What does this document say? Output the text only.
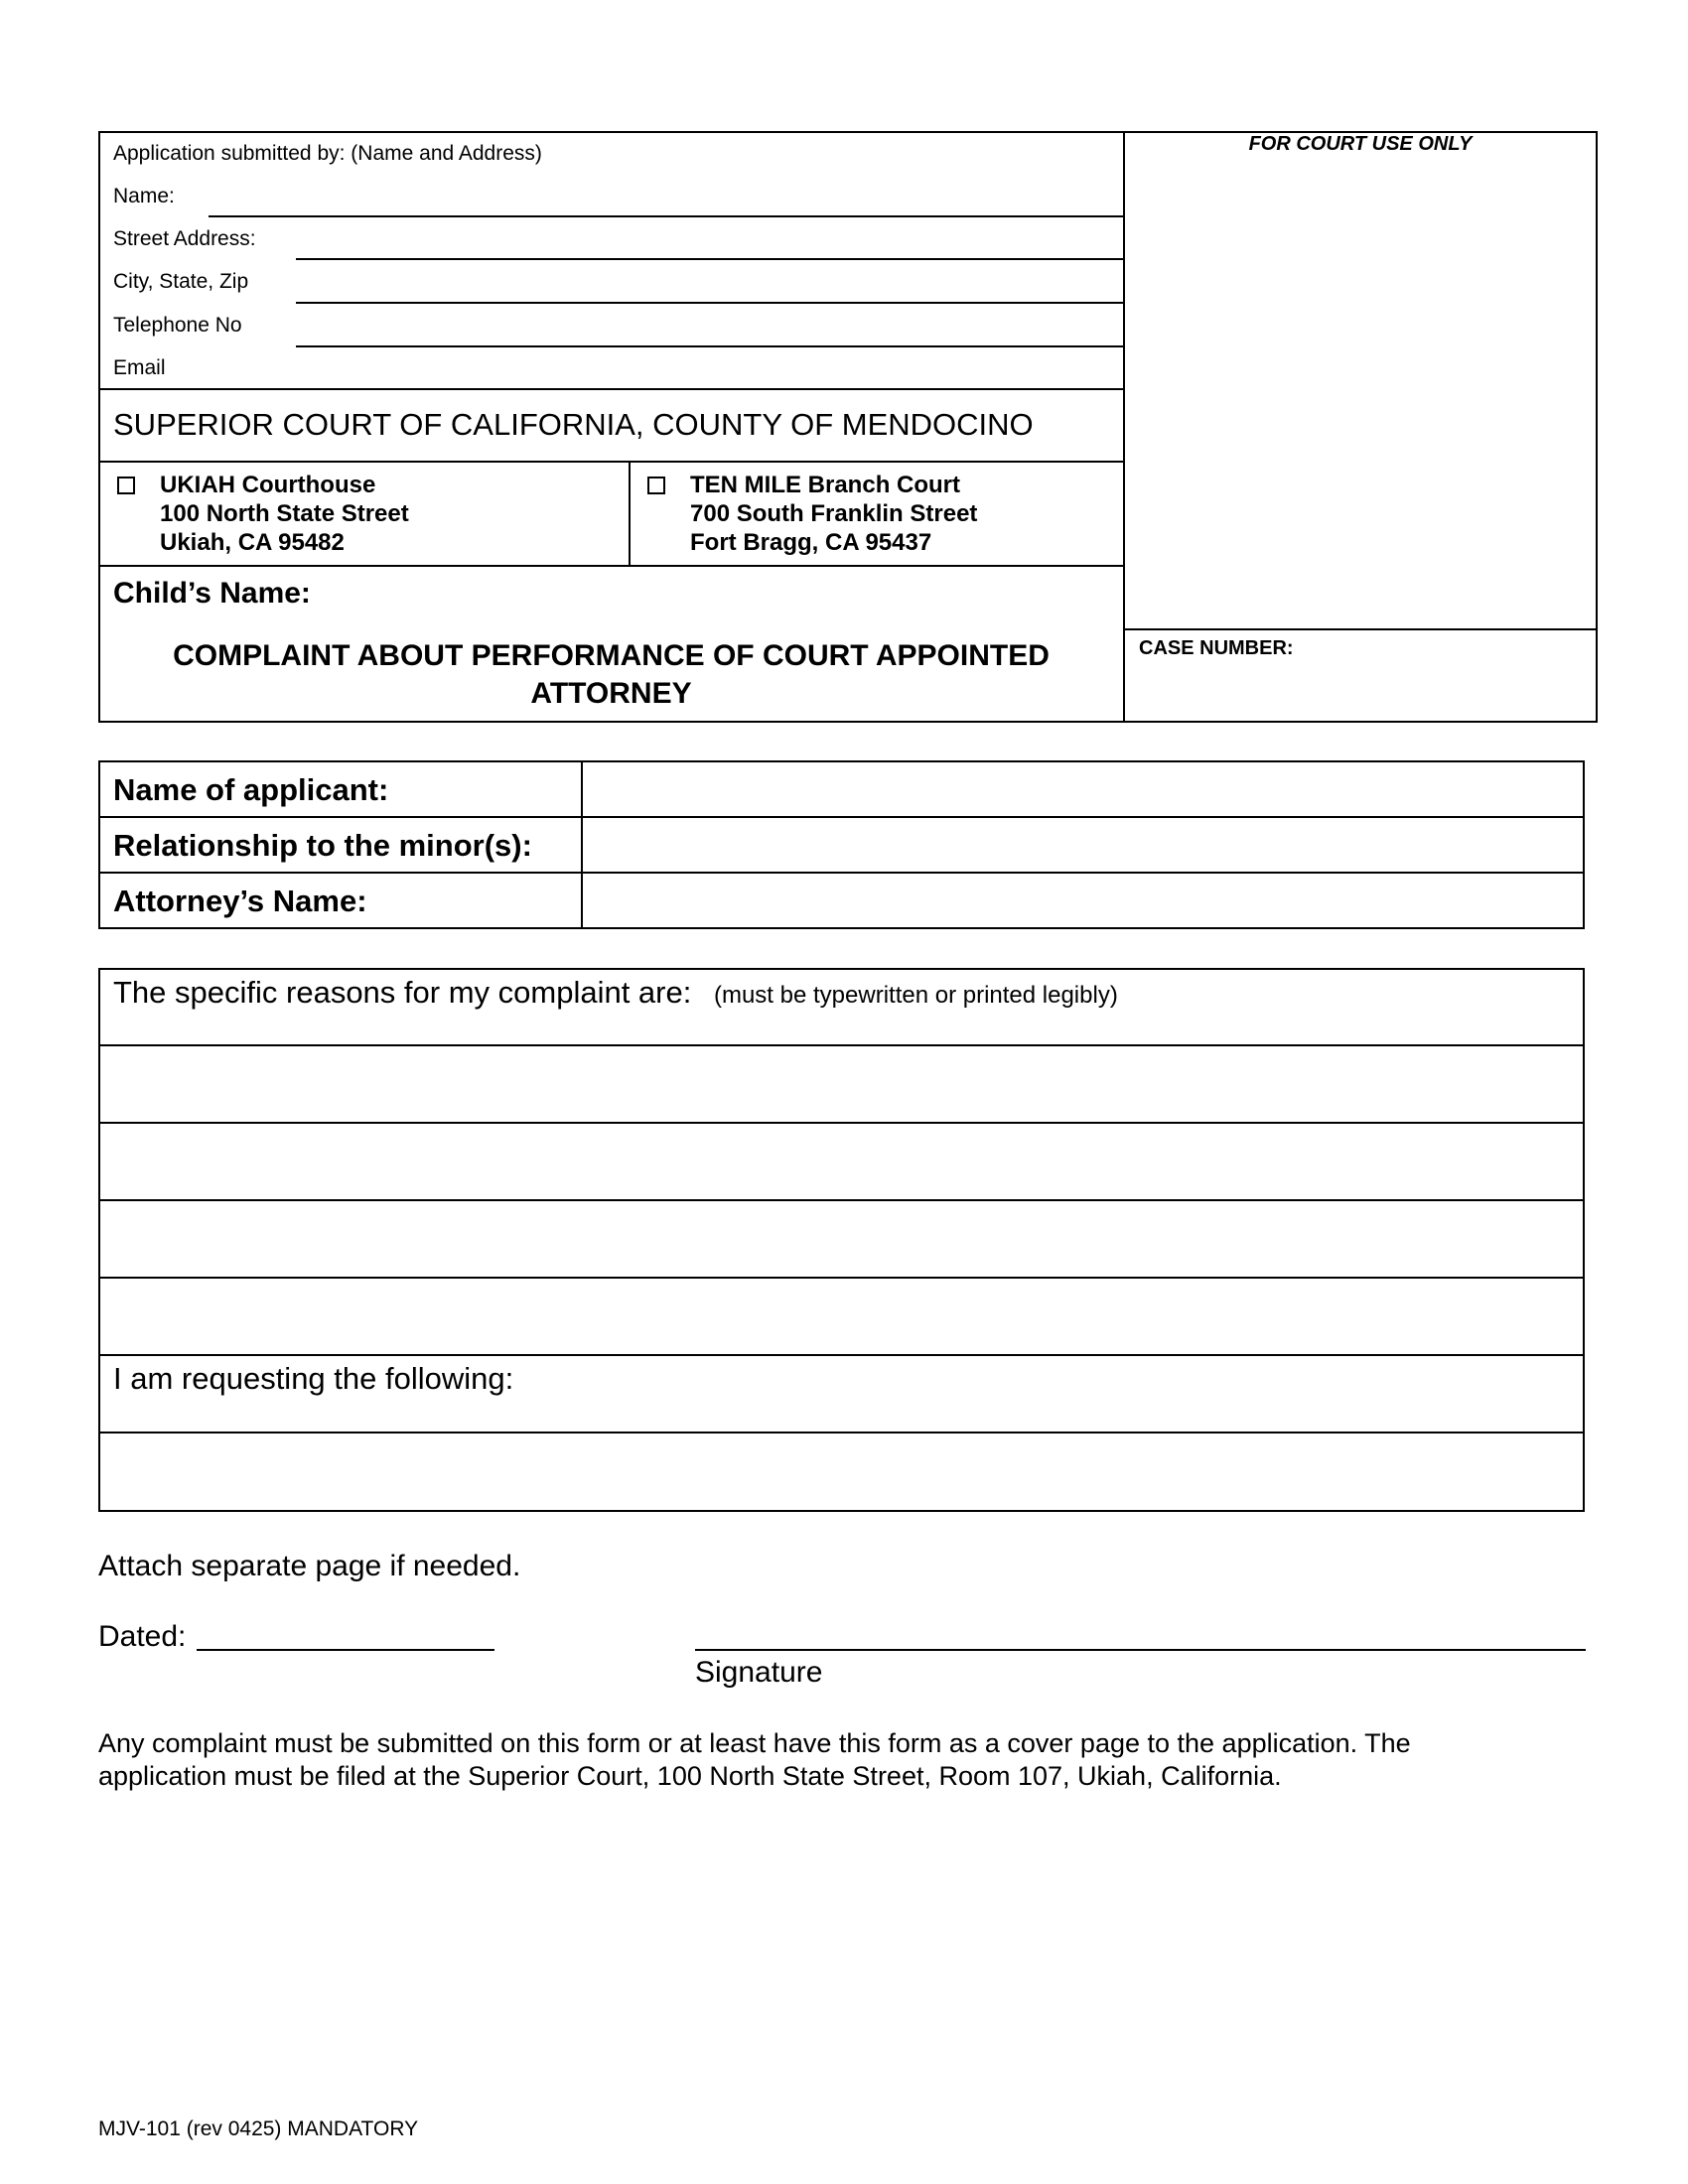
Application submitted by: (Name and Address)
Name:
Street Address:
City, State, Zip
Telephone No
Email
SUPERIOR COURT OF CALIFORNIA, COUNTY OF MENDOCINO
UKIAH Courthouse
100 North State Street
Ukiah, CA 95482
TEN MILE Branch Court
700 South Franklin Street
Fort Bragg, CA 95437
Child’s Name:
COMPLAINT ABOUT PERFORMANCE OF COURT APPOINTED
ATTORNEY
FOR COURT USE ONLY
CASE NUMBER:
Name of applicant:
Relationship to the minor(s):
Attorney’s Name:
The specific reasons for my complaint are: (must be typewritten or printed legibly)
I am requesting the following:
Attach separate page if needed.
Dated:
Signature
Any complaint must be submitted on this form or at least have this form as a cover page to the application. The
application must be filed at the Superior Court, 100 North State Street, Room 107, Ukiah, California.
MJV-101 (rev 0425) MANDATORY
